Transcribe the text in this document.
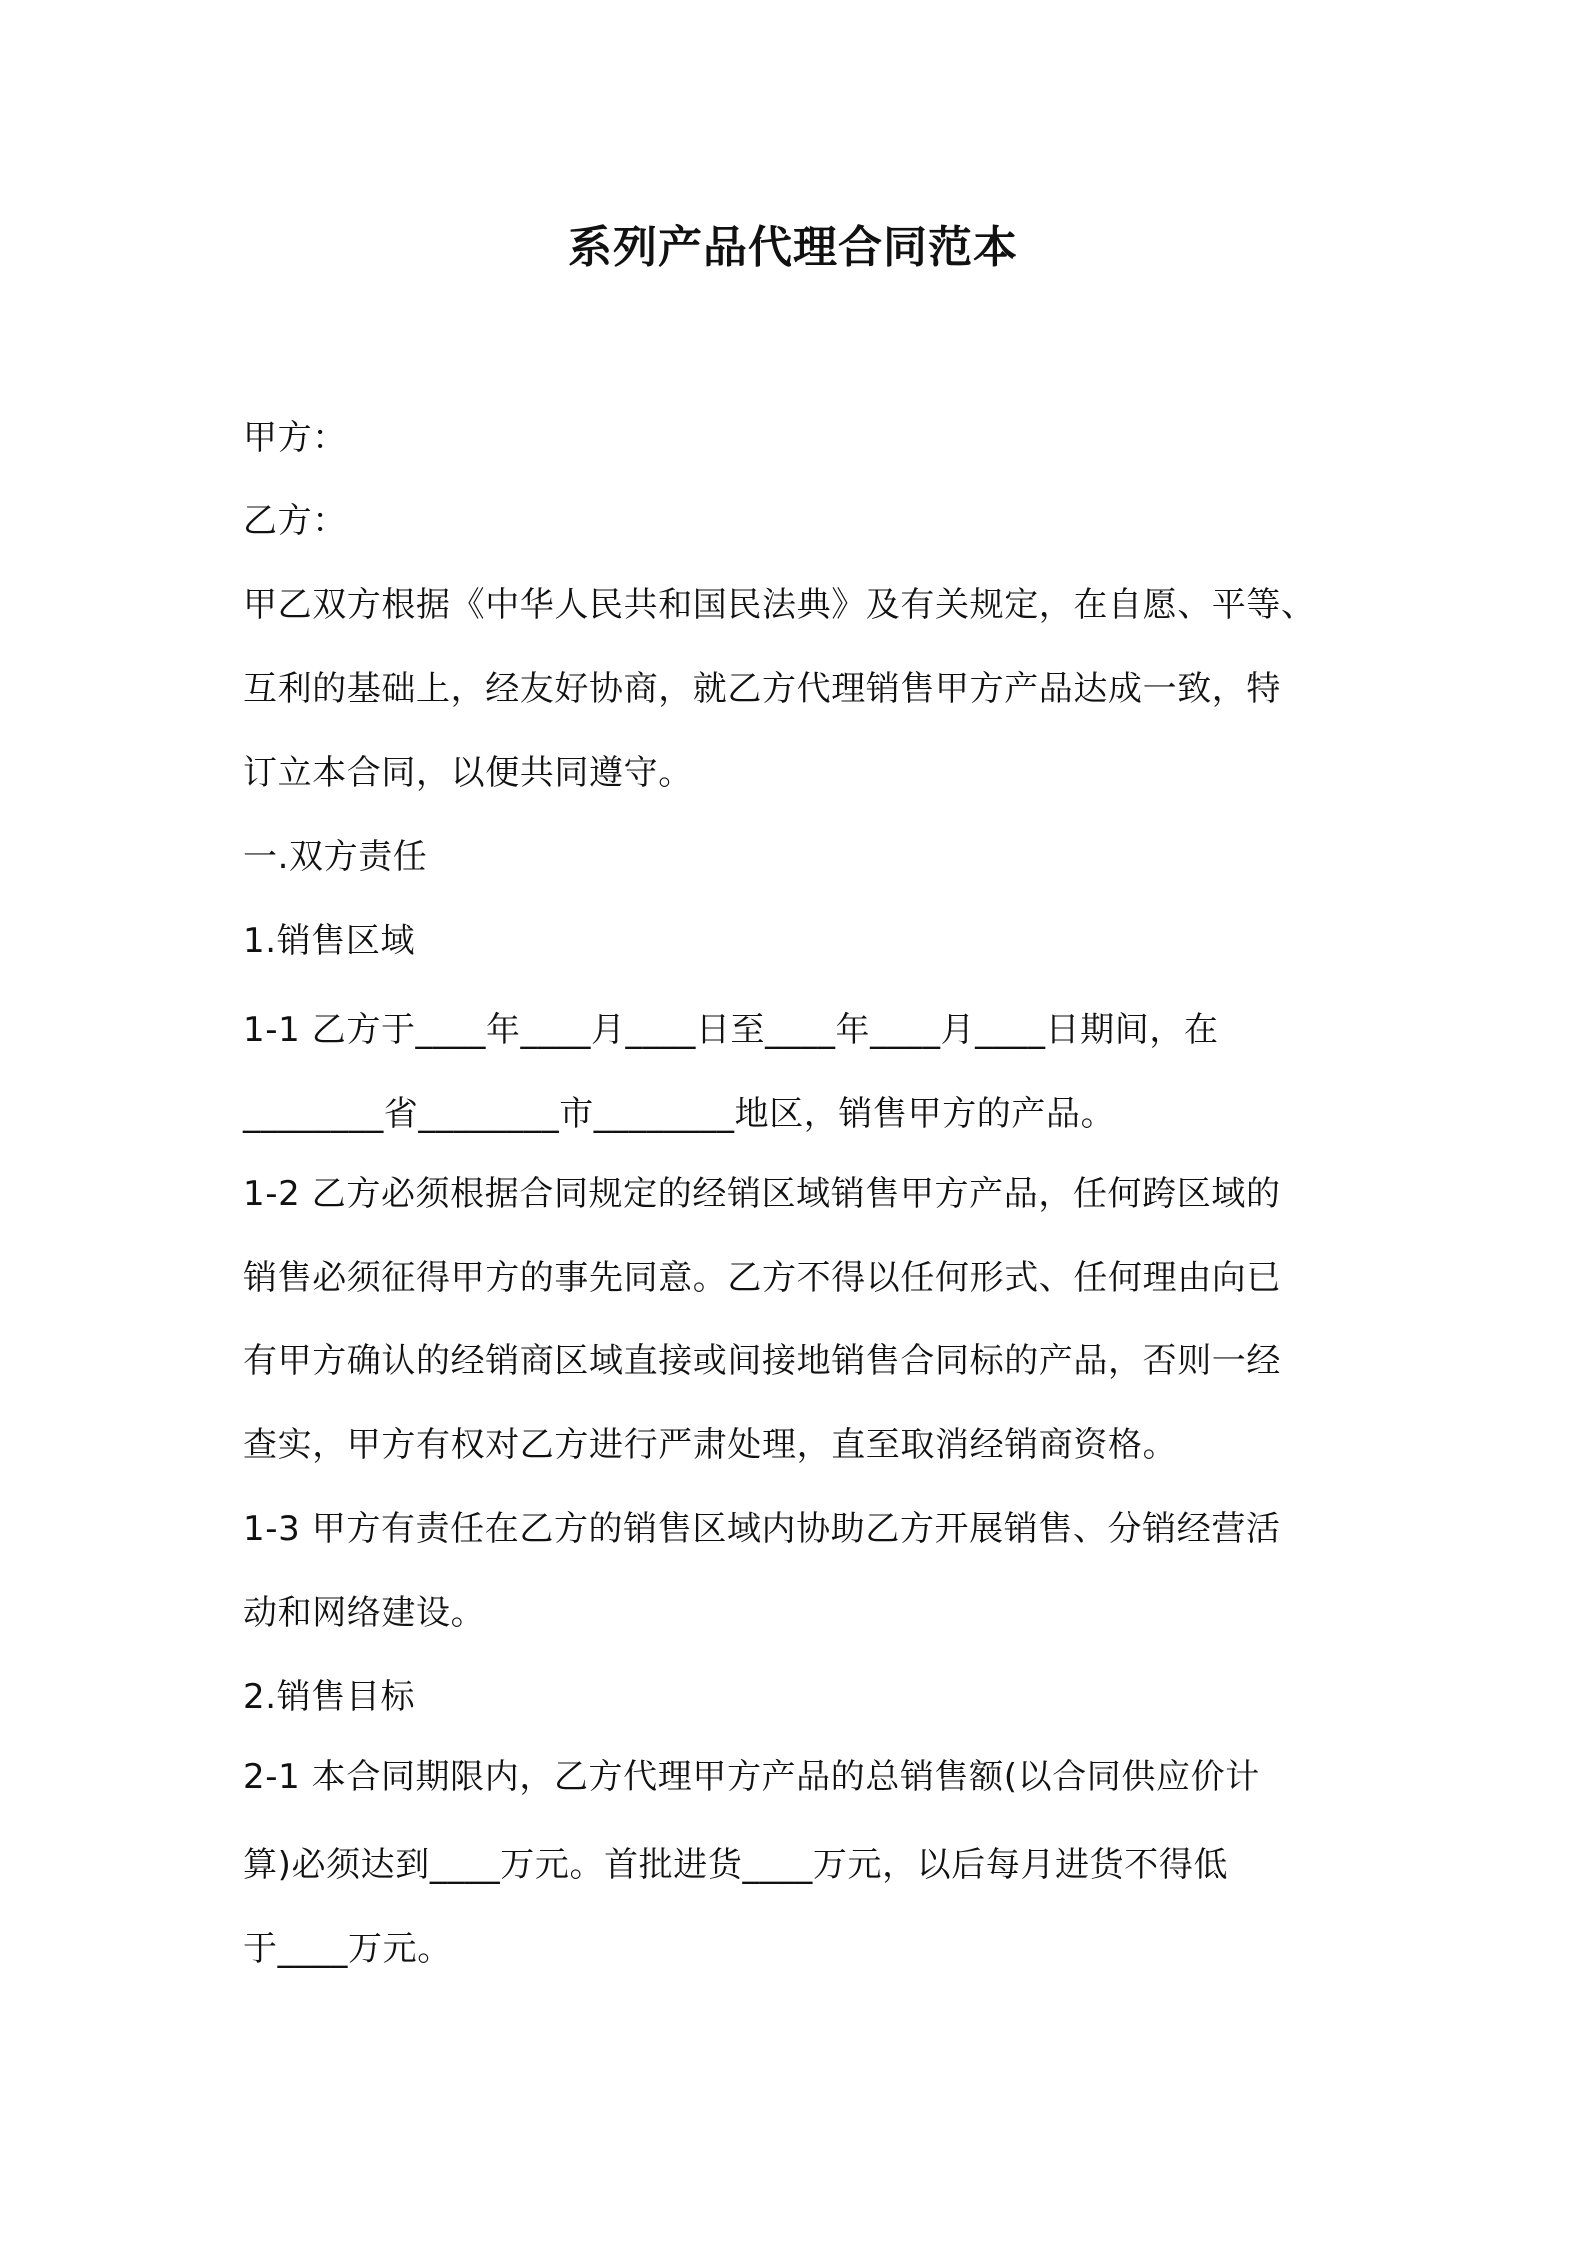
系列产品代理合同范本
甲方：
乙方：
甲乙双方根据《中华人民共和国民法典》及有关规定，在自愿、平等、
互利的基础上，经友好协商，就乙方代理销售甲方产品达成一致，特
订立本合同，以便共同遵守。
一.双方责任
1.销售区域
1-1 乙方于____年____月____日至____年____月____日期间，在
________省________市________地区，销售甲方的产品。
1-2 乙方必须根据合同规定的经销区域销售甲方产品，任何跨区域的
销售必须征得甲方的事先同意。乙方不得以任何形式、任何理由向已
有甲方确认的经销商区域直接或间接地销售合同标的产品，否则一经
查实，甲方有权对乙方进行严肃处理，直至取消经销商资格。
1-3 甲方有责任在乙方的销售区域内协助乙方开展销售、分销经营活
动和网络建设。
2.销售目标
2-1 本合同期限内，乙方代理甲方产品的总销售额(以合同供应价计
算)必须达到____万元。首批进货____万元，以后每月进货不得低
于____万元。
